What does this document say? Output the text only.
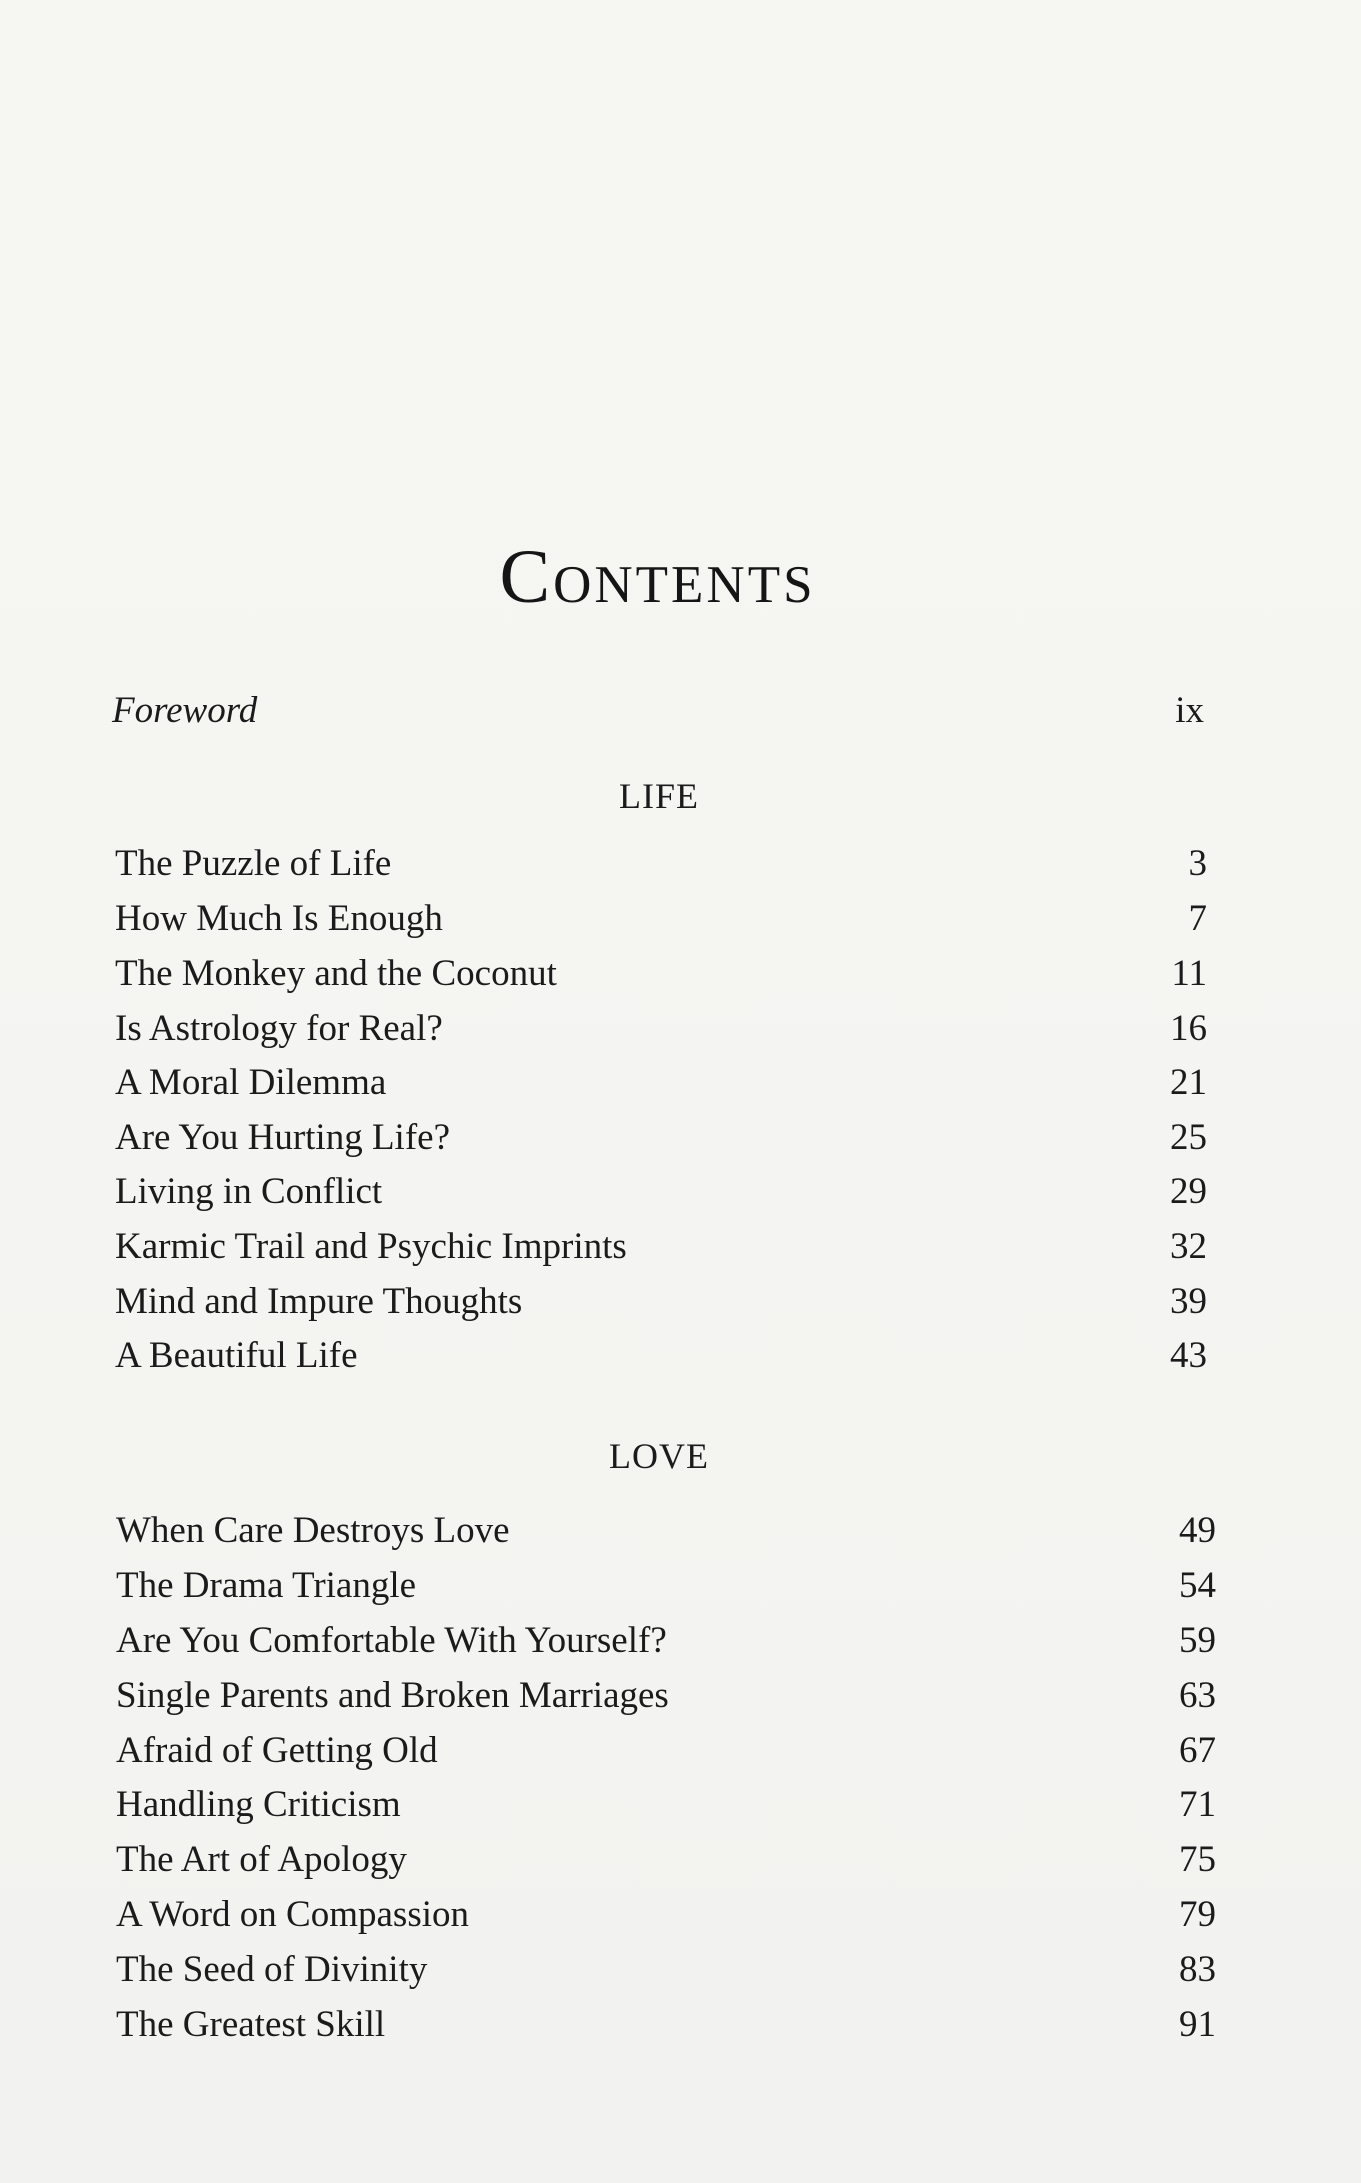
Contents
Foreword	ix
LIFE
The Puzzle of Life	3
How Much Is Enough	7
The Monkey and the Coconut	11
Is Astrology for Real?	16
A Moral Dilemma	21
Are You Hurting Life?	25
Living in Conflict	29
Karmic Trail and Psychic Imprints	32
Mind and Impure Thoughts	39
A Beautiful Life	43
LOVE
When Care Destroys Love	49
The Drama Triangle	54
Are You Comfortable With Yourself?	59
Single Parents and Broken Marriages	63
Afraid of Getting Old	67
Handling Criticism	71
The Art of Apology	75
A Word on Compassion	79
The Seed of Divinity	83
The Greatest Skill	91
